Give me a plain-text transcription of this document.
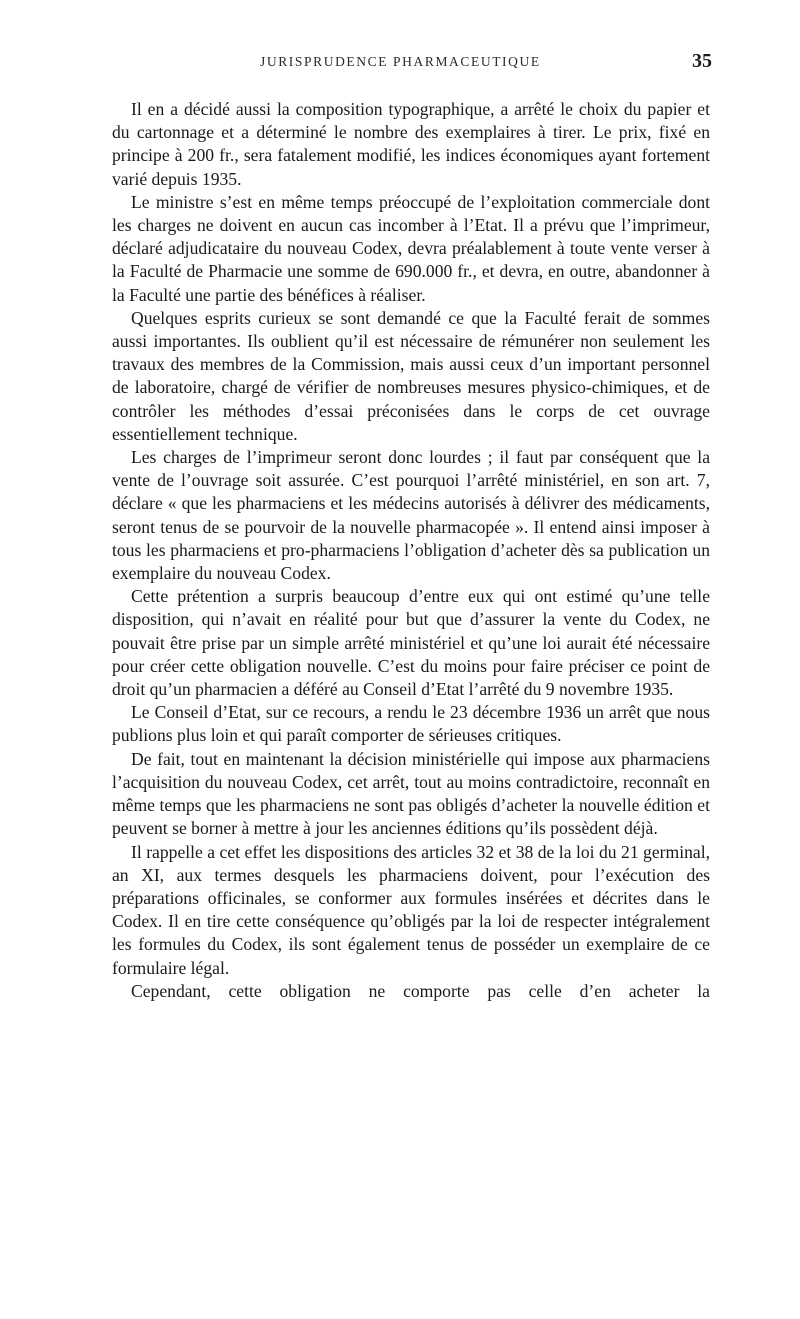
JURISPRUDENCE PHARMACEUTIQUE	35

Il en a décidé aussi la composition typographique, a arrêté le choix du papier et du cartonnage et a déterminé le nombre des exemplaires à tirer. Le prix, fixé en principe à 200 fr., sera fatalement modifié, les indices économiques ayant fortement varié depuis 1935.

Le ministre s’est en même temps préoccupé de l’exploitation commerciale dont les charges ne doivent en aucun cas incomber à l’Etat. Il a prévu que l’imprimeur, déclaré adjudicataire du nouveau Codex, devra préalablement à toute vente verser à la Faculté de Pharmacie une somme de 690.000 fr., et devra, en outre, abandonner à la Faculté une partie des bénéfices à réaliser.

Quelques esprits curieux se sont demandé ce que la Faculté ferait de sommes aussi importantes. Ils oublient qu’il est nécessaire de rémunérer non seulement les travaux des membres de la Commission, mais aussi ceux d’un important personnel de laboratoire, chargé de vérifier de nombreuses mesures physico-chimiques, et de contrôler les méthodes d’essai préconisées dans le corps de cet ouvrage essentiellement technique.

Les charges de l’imprimeur seront donc lourdes ; il faut par conséquent que la vente de l’ouvrage soit assurée. C’est pourquoi l’arrêté ministériel, en son art. 7, déclare « que les pharmaciens et les médecins autorisés à délivrer des médicaments, seront tenus de se pourvoir de la nouvelle pharmacopée ». Il entend ainsi imposer à tous les pharmaciens et pro-pharmaciens l’obligation d’acheter dès sa publication un exemplaire du nouveau Codex.

Cette prétention a surpris beaucoup d’entre eux qui ont estimé qu’une telle disposition, qui n’avait en réalité pour but que d’assurer la vente du Codex, ne pouvait être prise par un simple arrêté ministériel et qu’une loi aurait été nécessaire pour créer cette obligation nouvelle. C’est du moins pour faire préciser ce point de droit qu’un pharmacien a déféré au Conseil d’Etat l’arrêté du 9 novembre 1935.

Le Conseil d’Etat, sur ce recours, a rendu le 23 décembre 1936 un arrêt que nous publions plus loin et qui paraît comporter de sérieuses critiques.

De fait, tout en maintenant la décision ministérielle qui impose aux pharmaciens l’acquisition du nouveau Codex, cet arrêt, tout au moins contradictoire, reconnaît en même temps que les pharmaciens ne sont pas obligés d’acheter la nouvelle édition et peuvent se borner à mettre à jour les anciennes éditions qu’ils possèdent déjà.

Il rappelle a cet effet les dispositions des articles 32 et 38 de la loi du 21 germinal, an XI, aux termes desquels les pharmaciens doivent, pour l’exécution des préparations officinales, se conformer aux formules insérées et décrites dans le Codex. Il en tire cette conséquence qu’obligés par la loi de respecter intégralement les formules du Codex, ils sont également tenus de posséder un exemplaire de ce formulaire légal.

Cependant, cette obligation ne comporte pas celle d’en acheter la
